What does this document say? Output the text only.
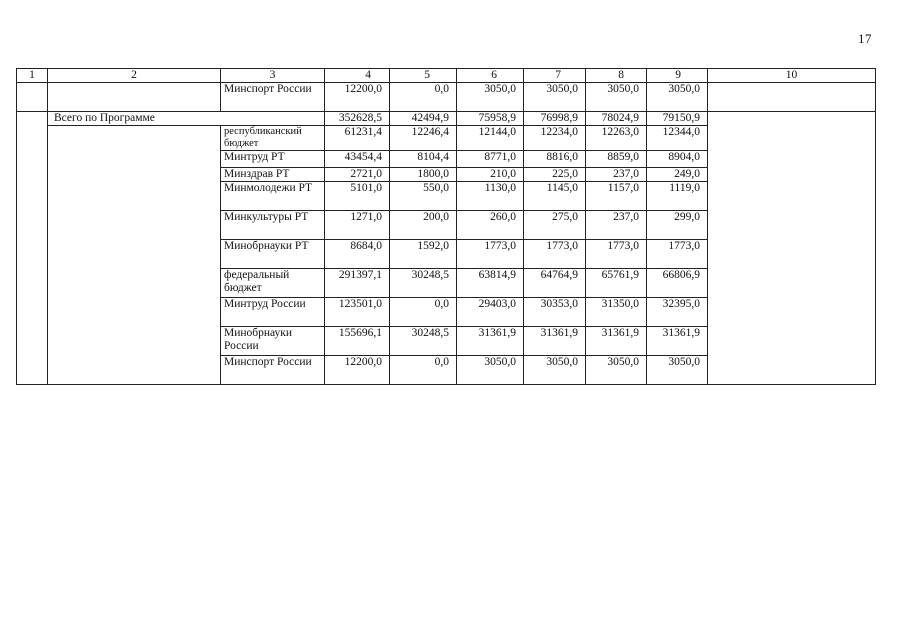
17
1	2	3	4	5	6	7	8	9	10
		Минспорт России	12200,0	0,0	3050,0	3050,0	3050,0	3050,0	
	Всего по Программе		352628,5	42494,9	75958,9	76998,9	78024,9	79150,9	
		республиканский бюджет	61231,4	12246,4	12144,0	12234,0	12263,0	12344,0	
		Минтруд РТ	43454,4	8104,4	8771,0	8816,0	8859,0	8904,0	
		Минздрав РТ	2721,0	1800,0	210,0	225,0	237,0	249,0	
		Минмолодежи РТ	5101,0	550,0	1130,0	1145,0	1157,0	1119,0	
		Минкультуры РТ	1271,0	200,0	260,0	275,0	237,0	299,0	
		Минобрнауки РТ	8684,0	1592,0	1773,0	1773,0	1773,0	1773,0	
		федеральный бюджет	291397,1	30248,5	63814,9	64764,9	65761,9	66806,9	
		Минтруд России	123501,0	0,0	29403,0	30353,0	31350,0	32395,0	
		Минобрнауки России	155696,1	30248,5	31361,9	31361,9	31361,9	31361,9	
		Минспорт России	12200,0	0,0	3050,0	3050,0	3050,0	3050,0	
